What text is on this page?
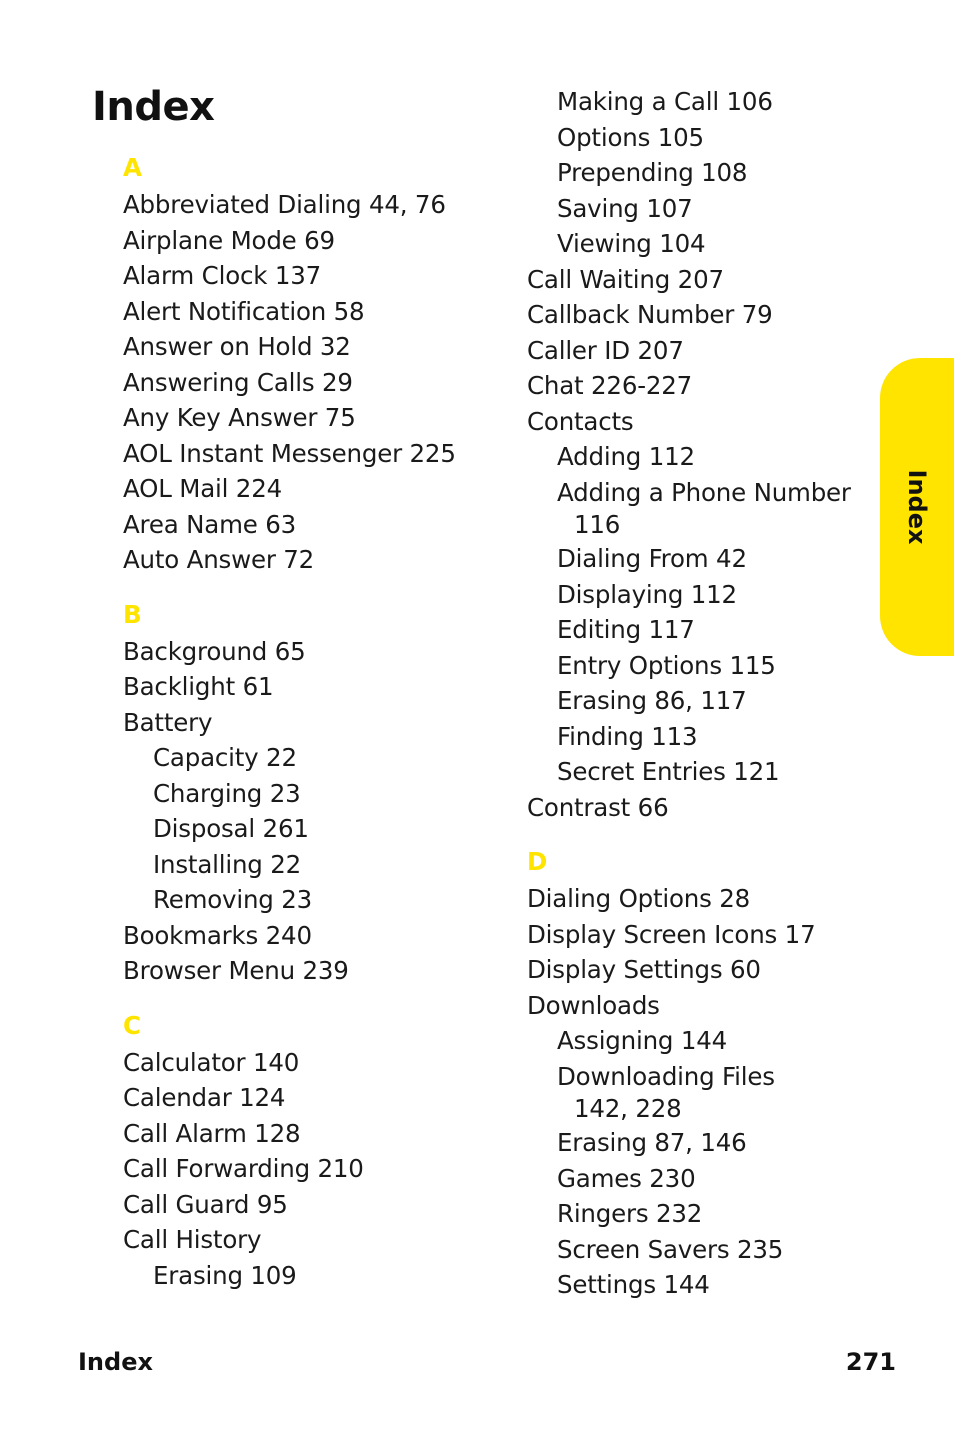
Index
A
Abbreviated Dialing 44, 76
Airplane Mode 69
Alarm Clock 137
Alert Notification 58
Answer on Hold 32
Answering Calls 29
Any Key Answer 75
AOL Instant Messenger 225
AOL Mail 224
Area Name 63
Auto Answer 72
B
Background 65
Backlight 61
Battery
Capacity 22
Charging 23
Disposal 261
Installing 22
Removing 23
Bookmarks 240
Browser Menu 239
C
Calculator 140
Calendar 124
Call Alarm 128
Call Forwarding 210
Call Guard 95
Call History
Erasing 109
Making a Call 106
Options 105
Prepending 108
Saving 107
Viewing 104
Call Waiting 207
Callback Number 79
Caller ID 207
Chat 226-227
Contacts
Adding 112
Adding a Phone Number
116
Dialing From 42
Displaying 112
Editing 117
Entry Options 115
Erasing 86, 117
Finding 113
Secret Entries 121
Contrast 66
D
Dialing Options 28
Display Screen Icons 17
Display Settings 60
Downloads
Assigning 144
Downloading Files
142, 228
Erasing 87, 146
Games 230
Ringers 232
Screen Savers 235
Settings 144
Index
Index	271
